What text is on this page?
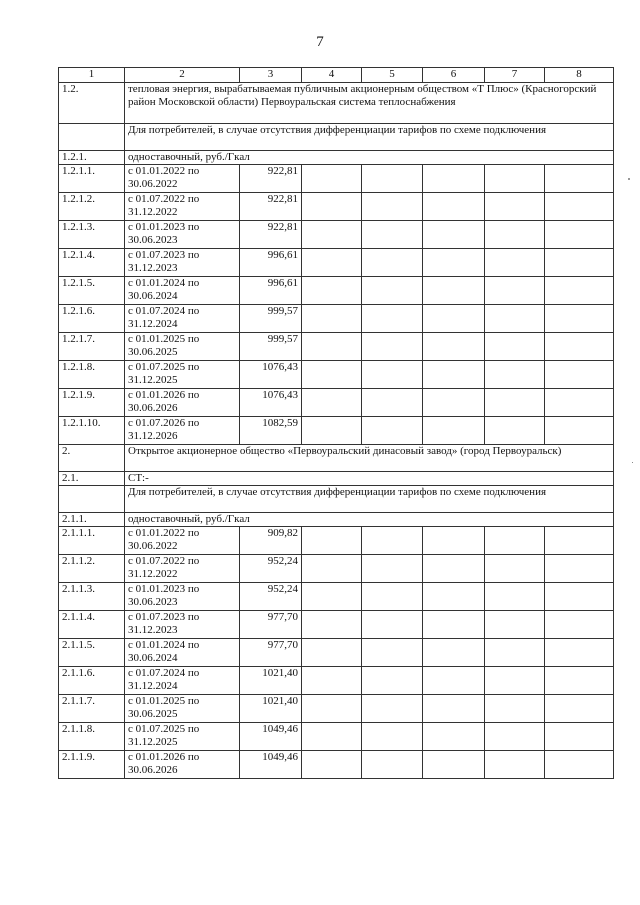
7
1	2	3	4	5	6	7	8
1.2.	тепловая энергия, вырабатываемая публичным акционерным обществом «Т Плюс» (Красногорский район Московской области) Первоуральская система теплоснабжения						
	Для потребителей, в случае отсутствия дифференциации тарифов по схеме подключения						
1.2.1.	одноставочный, руб./Гкал						
1.2.1.1.	с 01.01.2022 по 30.06.2022	922,81					
1.2.1.2.	с 01.07.2022 по 31.12.2022	922,81					
1.2.1.3.	с 01.01.2023 по 30.06.2023	922,81					
1.2.1.4.	с 01.07.2023 по 31.12.2023	996,61					
1.2.1.5.	с 01.01.2024 по 30.06.2024	996,61					
1.2.1.6.	с 01.07.2024 по 31.12.2024	999,57					
1.2.1.7.	с 01.01.2025 по 30.06.2025	999,57					
1.2.1.8.	с 01.07.2025 по 31.12.2025	1076,43					
1.2.1.9.	с 01.01.2026 по 30.06.2026	1076,43					
1.2.1.10.	с 01.07.2026 по 31.12.2026	1082,59					
2.	Открытое акционерное общество «Первоуральский динасовый завод» (город Первоуральск)						
2.1.	СТ:-						
	Для потребителей, в случае отсутствия дифференциации тарифов по схеме подключения						
2.1.1.	одноставочный, руб./Гкал						
2.1.1.1.	с 01.01.2022 по 30.06.2022	909,82					
2.1.1.2.	с 01.07.2022 по 31.12.2022	952,24					
2.1.1.3.	с 01.01.2023 по 30.06.2023	952,24					
2.1.1.4.	с 01.07.2023 по 31.12.2023	977,70					
2.1.1.5.	с 01.01.2024 по 30.06.2024	977,70					
2.1.1.6.	с 01.07.2024 по 31.12.2024	1021,40					
2.1.1.7.	с 01.01.2025 по 30.06.2025	1021,40					
2.1.1.8.	с 01.07.2025 по 31.12.2025	1049,46					
2.1.1.9.	с 01.01.2026 по 30.06.2026	1049,46					
